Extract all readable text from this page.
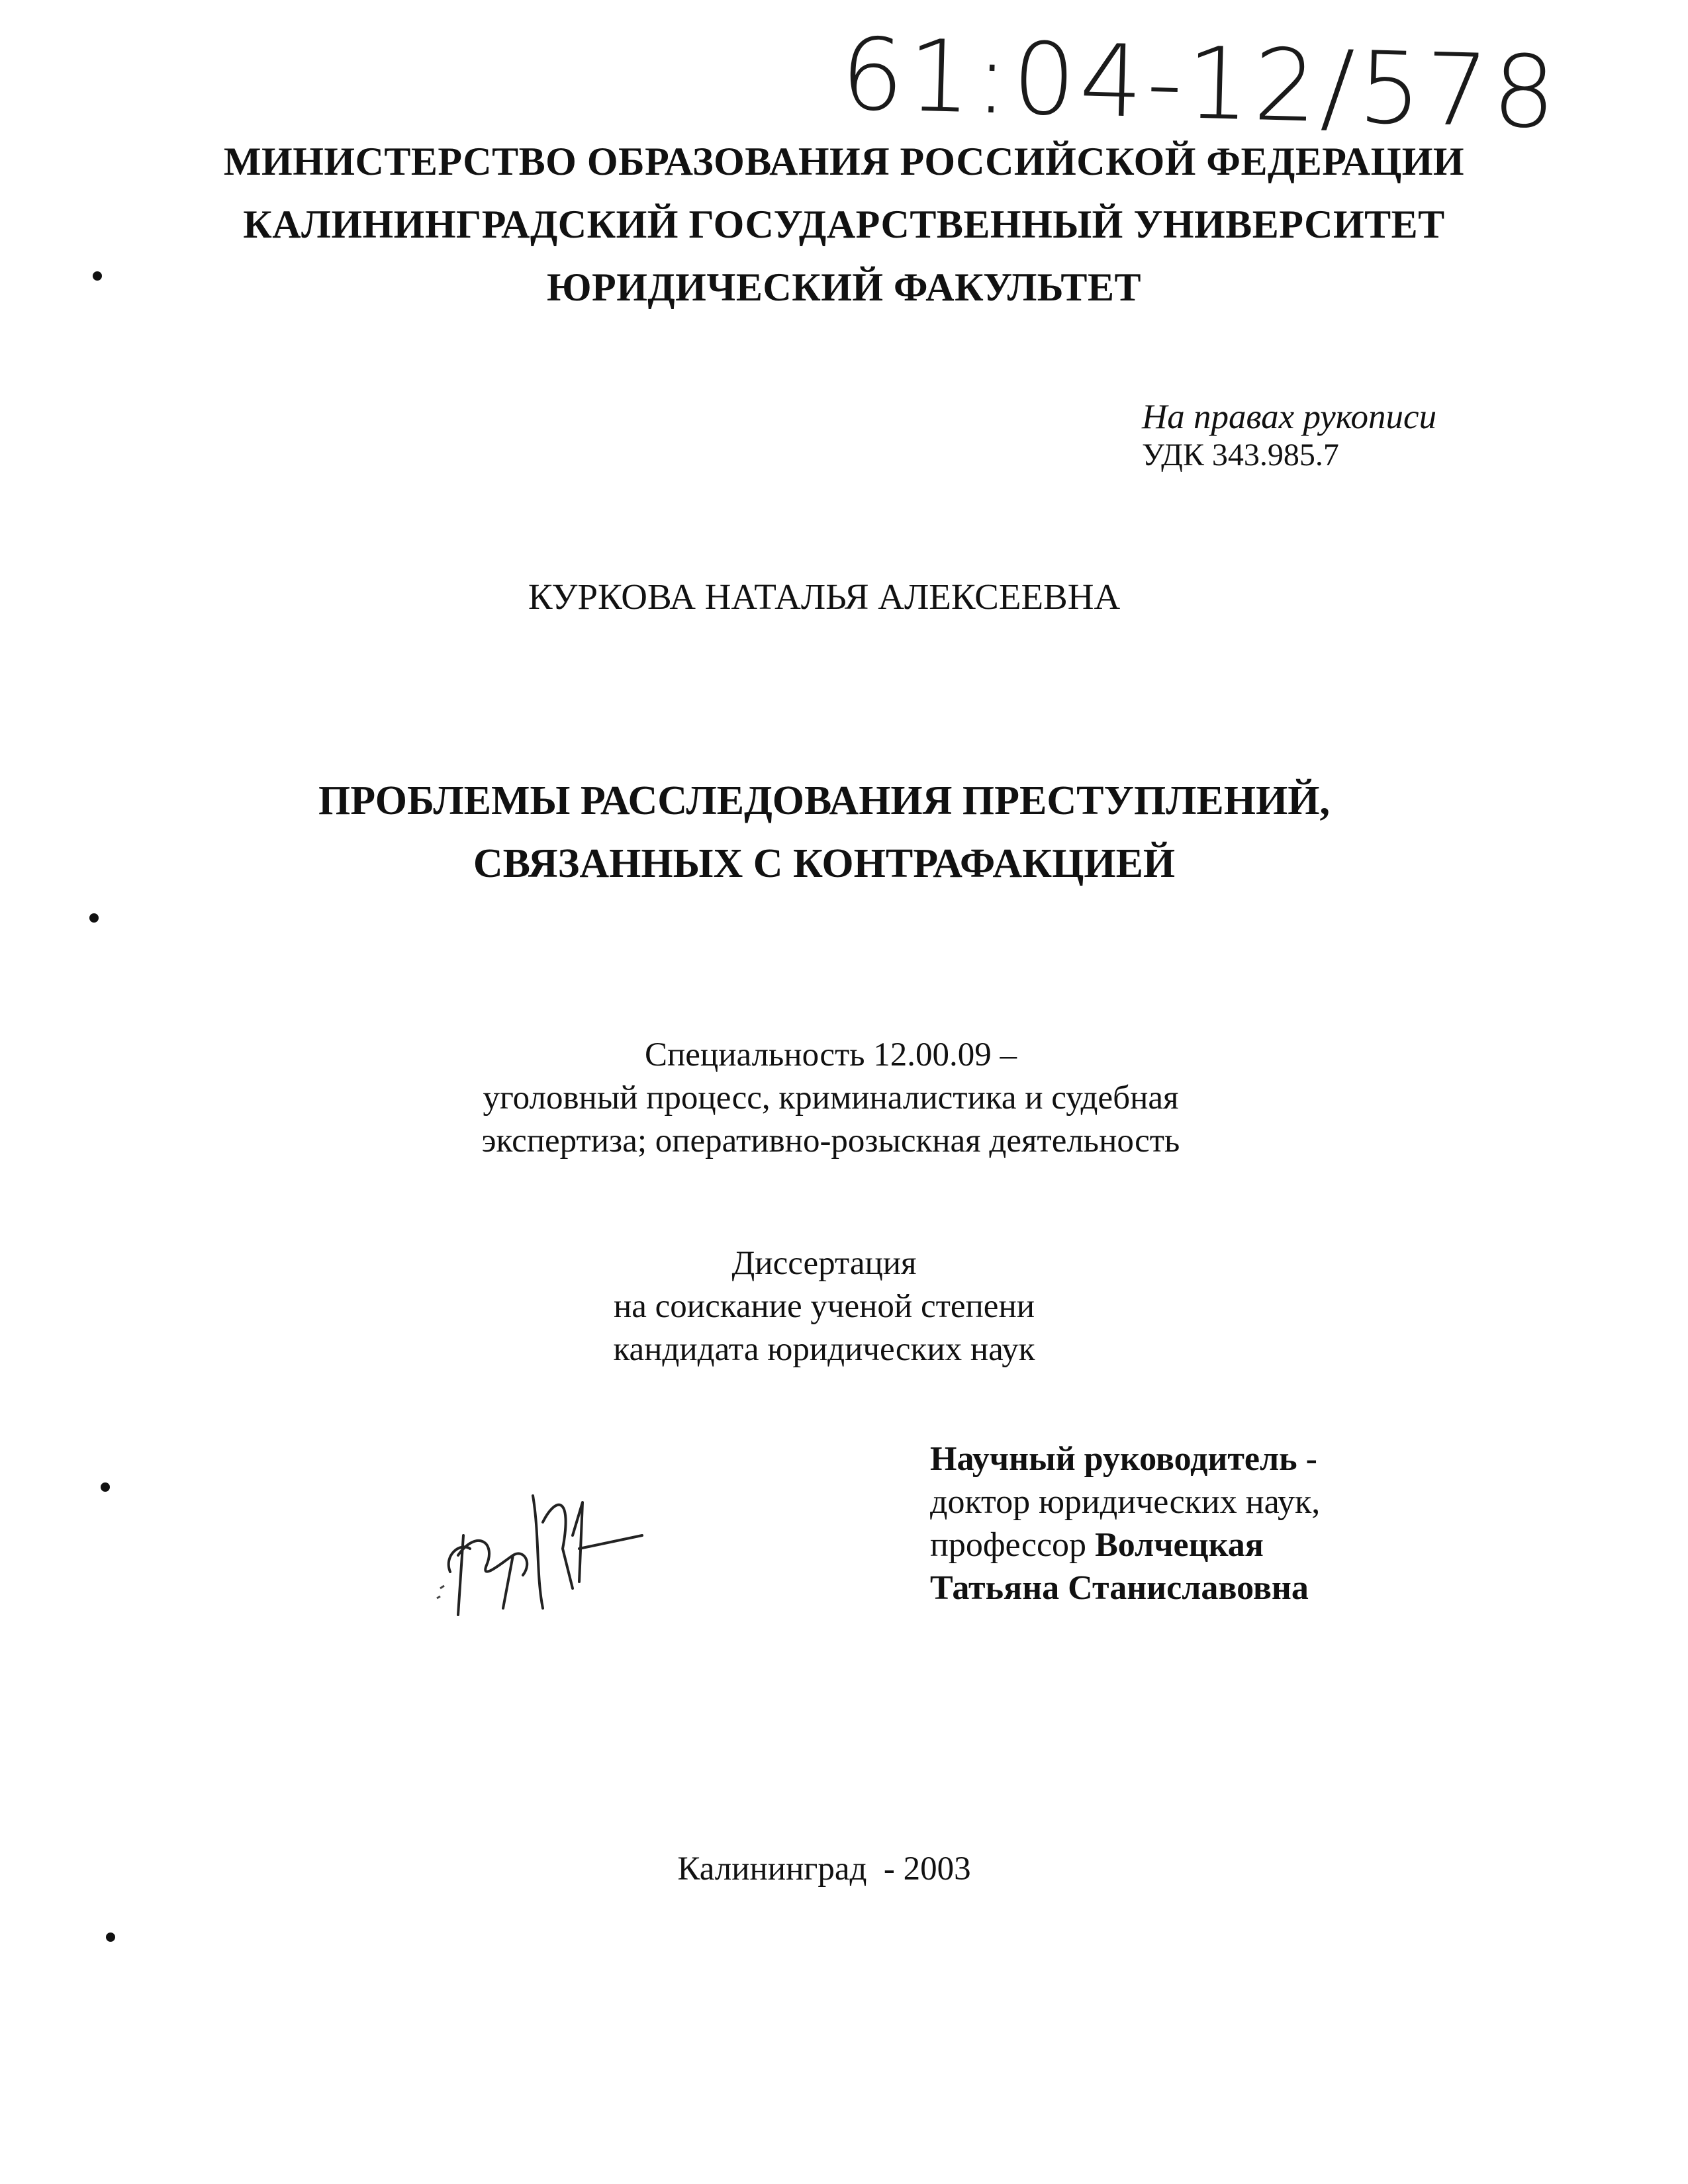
61:04-12/578
МИНИСТЕРСТВО ОБРАЗОВАНИЯ РОССИЙСКОЙ ФЕДЕРАЦИИ
КАЛИНИНГРАДСКИЙ ГОСУДАРСТВЕННЫЙ УНИВЕРСИТЕТ
ЮРИДИЧЕСКИЙ ФАКУЛЬТЕТ
На правах рукописи
УДК 343.985.7
КУРКОВА НАТАЛЬЯ АЛЕКСЕЕВНА
ПРОБЛЕМЫ РАССЛЕДОВАНИЯ ПРЕСТУПЛЕНИЙ,
СВЯЗАННЫХ С КОНТРАФАКЦИЕЙ
Специальность 12.00.09 –
уголовный процесс, криминалистика и судебная
экспертиза; оперативно-розыскная деятельность
Диссертация
на соискание ученой степени
кандидата юридических наук
Научный руководитель -
доктор юридических наук,
профессор Волчецкая
Татьяна Станиславовна
Калининград  - 2003
